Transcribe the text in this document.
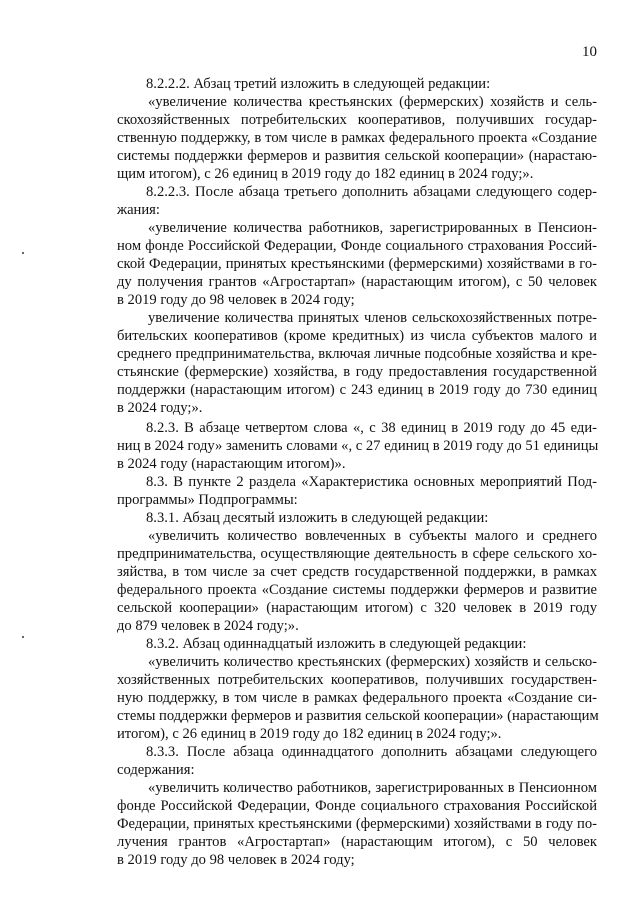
10
8.2.2.2. Абзац третий изложить в следующей редакции:
«увеличение количества крестьянских (фермерских) хозяйств и сель-
скохозяйственных потребительских кооперативов, получивших государ-
ственную поддержку, в том числе в рамках федерального проекта «Создание
системы поддержки фермеров и развития сельской кооперации» (нарастаю-
щим итогом), с 26 единиц в 2019 году до 182 единиц в 2024 году;».
8.2.2.3. После абзаца третьего дополнить абзацами следующего содер-
жания:
«увеличение количества работников, зарегистрированных в Пенсион-
ном фонде Российской Федерации, Фонде социального страхования Россий-
ской Федерации, принятых крестьянскими (фермерскими) хозяйствами в го-
ду получения грантов «Агростартап» (нарастающим итогом), с 50 человек
в 2019 году до 98 человек в 2024 году;
увеличение количества принятых членов сельскохозяйственных потре-
бительских кооперативов (кроме кредитных) из числа субъектов малого и
среднего предпринимательства, включая личные подсобные хозяйства и кре-
стьянские (фермерские) хозяйства, в году предоставления государственной
поддержки (нарастающим итогом) с 243 единиц в 2019 году до 730 единиц
в 2024 году;».
8.2.3. В абзаце четвертом слова «, с 38 единиц в 2019 году до 45 еди-
ниц в 2024 году» заменить словами «, с 27 единиц в 2019 году до 51 единицы
в 2024 году (нарастающим итогом)».
8.3. В пункте 2 раздела «Характеристика основных мероприятий Под-
программы» Подпрограммы:
8.3.1. Абзац десятый изложить в следующей редакции:
«увеличить количество вовлеченных в субъекты малого и среднего
предпринимательства, осуществляющие деятельность в сфере сельского хо-
зяйства, в том числе за счет средств государственной поддержки, в рамках
федерального проекта «Создание системы поддержки фермеров и развитие
сельской кооперации» (нарастающим итогом) с 320 человек в 2019 году
до 879 человек в 2024 году;».
8.3.2. Абзац одиннадцатый изложить в следующей редакции:
«увеличить количество крестьянских (фермерских) хозяйств и сельско-
хозяйственных потребительских кооперативов, получивших государствен-
ную поддержку, в том числе в рамках федерального проекта «Создание си-
стемы поддержки фермеров и развития сельской кооперации» (нарастающим
итогом), с 26 единиц в 2019 году до 182 единиц в 2024 году;».
8.3.3. После абзаца одиннадцатого дополнить абзацами следующего
содержания:
«увеличить количество работников, зарегистрированных в Пенсионном
фонде Российской Федерации, Фонде социального страхования Российской
Федерации, принятых крестьянскими (фермерскими) хозяйствами в году по-
лучения грантов «Агростартап» (нарастающим итогом), с 50 человек
в 2019 году до 98 человек в 2024 году;
